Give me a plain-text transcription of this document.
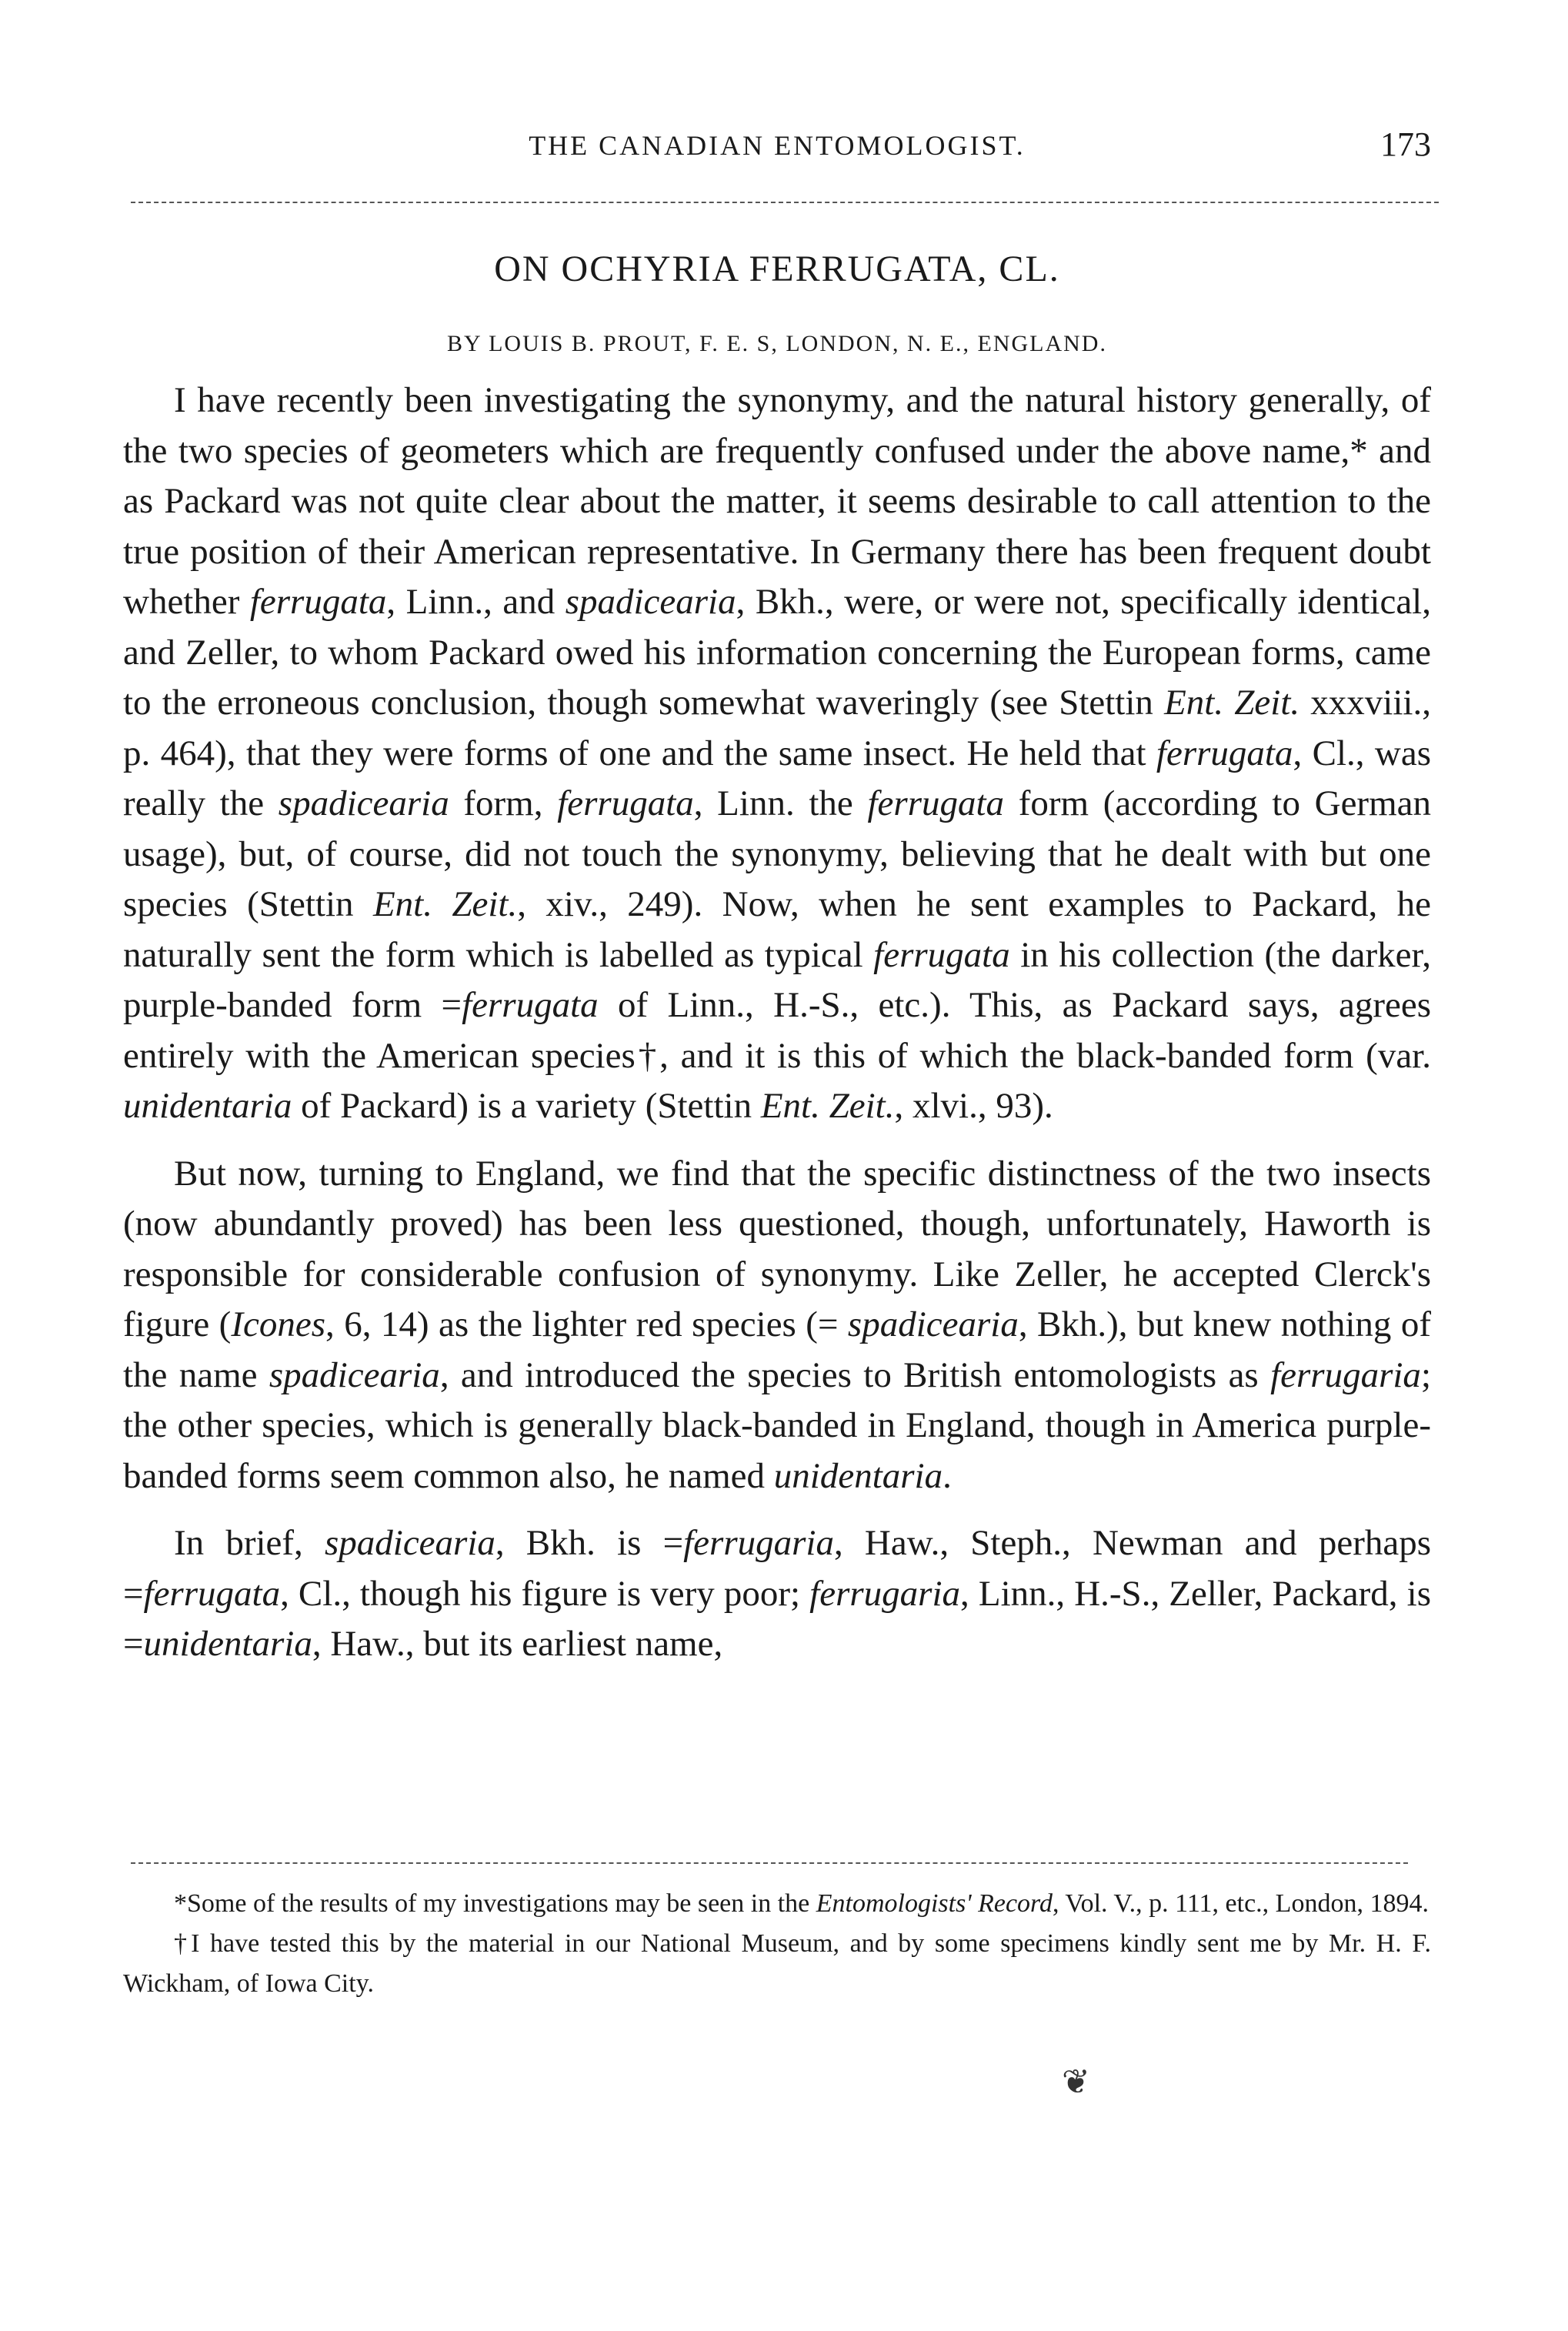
THE CANADIAN ENTOMOLOGIST.	173
ON OCHYRIA FERRUGATA, CL.
BY LOUIS B. PROUT, F. E. S, LONDON, N. E., ENGLAND.

I have recently been investigating the synonymy, and the natural history generally, of the two species of geometers which are frequently confused under the above name,* and as Packard was not quite clear about the matter, it seems desirable to call attention to the true position of their American representative. In Germany there has been frequent doubt whether ferrugata, Linn., and spadicearia, Bkh., were, or were not, specifically identical, and Zeller, to whom Packard owed his information concerning the European forms, came to the erroneous conclusion, though somewhat waveringly (see Stettin Ent. Zeit. xxxviii., p. 464), that they were forms of one and the same insect. He held that ferrugata, Cl., was really the spadicearia form, ferrugata, Linn. the ferrugata form (according to German usage), but, of course, did not touch the synonymy, believing that he dealt with but one species (Stettin Ent. Zeit., xiv., 249). Now, when he sent examples to Packard, he naturally sent the form which is labelled as typical ferrugata in his collection (the darker, purple-banded form =ferrugata of Linn., H.-S., etc.). This, as Packard says, agrees entirely with the American species†, and it is this of which the black-banded form (var. unidentaria of Packard) is a variety (Stettin Ent. Zeit., xlvi., 93).

But now, turning to England, we find that the specific distinctness of the two insects (now abundantly proved) has been less questioned, though, unfortunately, Haworth is responsible for considerable confusion of synonymy. Like Zeller, he accepted Clerck's figure (Icones, 6, 14) as the lighter red species (= spadicearia, Bkh.), but knew nothing of the name spadicearia, and introduced the species to British entomologists as ferrugaria; the other species, which is generally black-banded in England, though in America purple-banded forms seem common also, he named unidentaria.

In brief, spadicearia, Bkh. is =ferrugaria, Haw., Steph., Newman and perhaps =ferrugata, Cl., though his figure is very poor; ferrugaria, Linn., H.-S., Zeller, Packard, is =unidentaria, Haw., but its earliest name,

*Some of the results of my investigations may be seen in the Entomologists' Record, Vol. V., p. 111, etc., London, 1894.

†I have tested this by the material in our National Museum, and by some specimens kindly sent me by Mr. H. F. Wickham, of Iowa City.

❦
